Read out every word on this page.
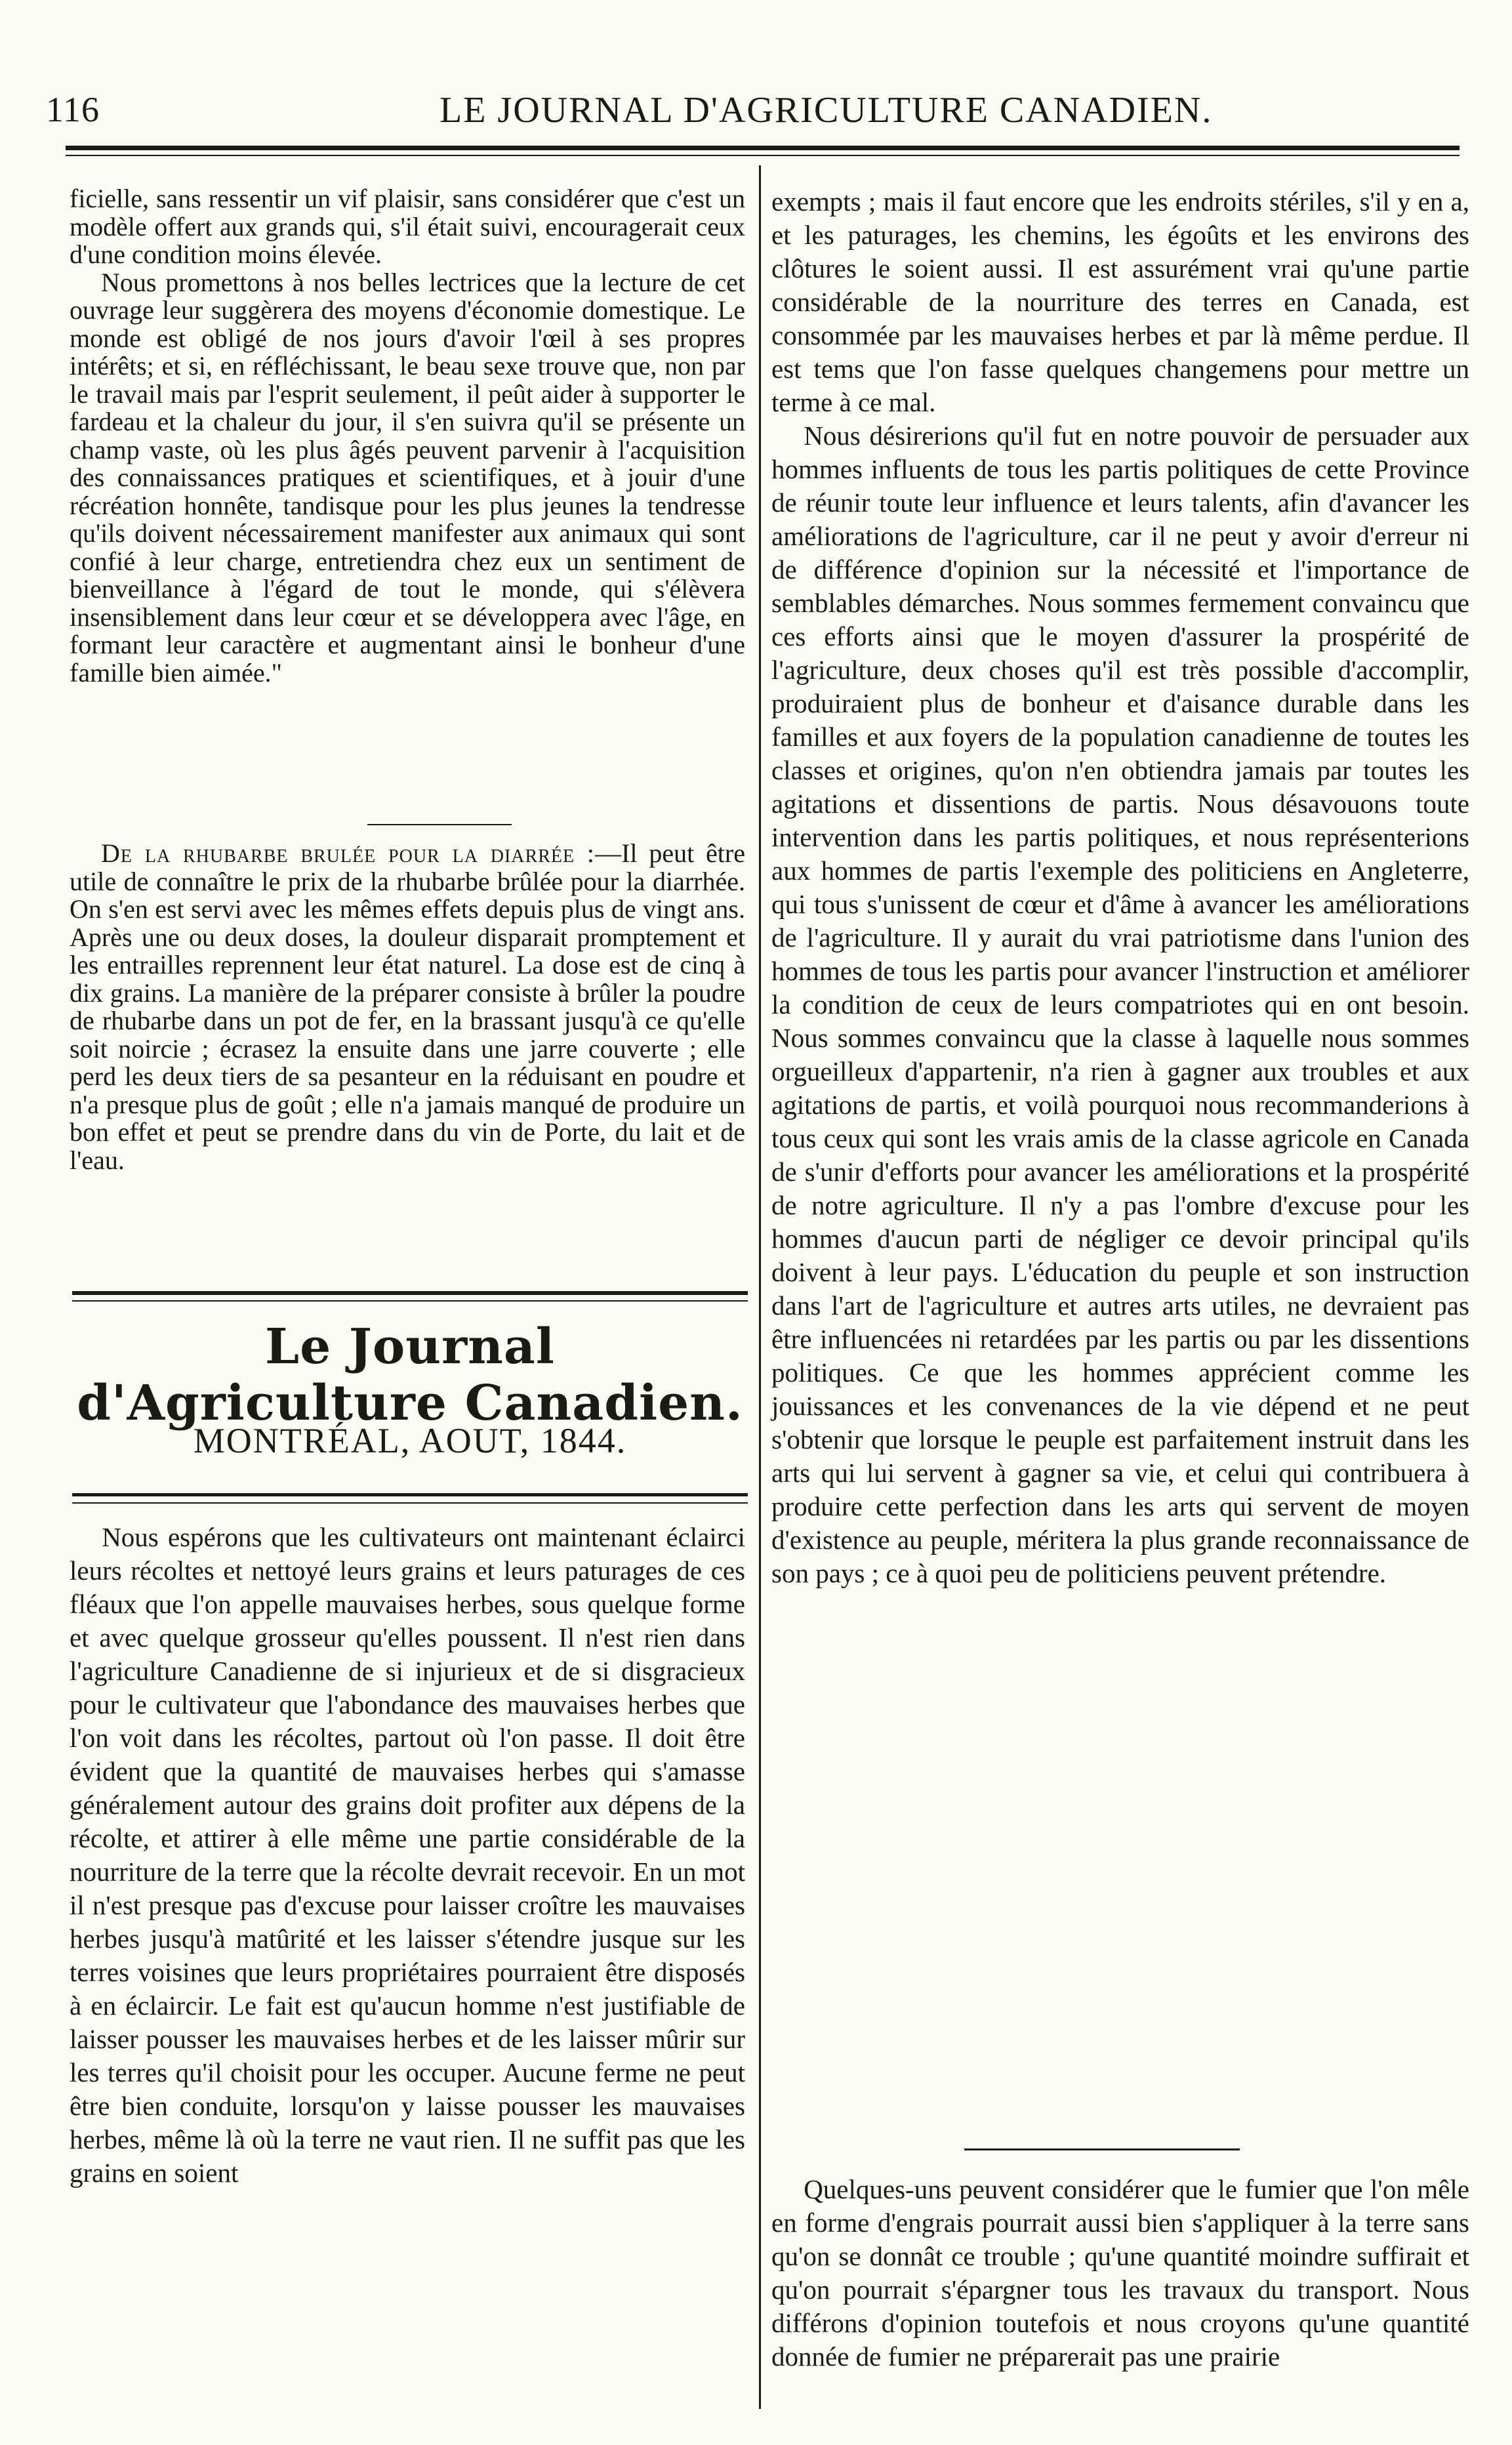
116	LE JOURNAL D'AGRICULTURE CANADIEN.

ficielle, sans ressentir un vif plaisir, sans considérer que c'est un modèle offert aux grands qui, s'il était suivi, encouragerait ceux d'une condition moins élevée.

Nous promettons à nos belles lectrices que la lecture de cet ouvrage leur suggèrera des moyens d'économie domestique. Le monde est obligé de nos jours d'avoir l'œil à ses propres intérêts; et si, en réfléchissant, le beau sexe trouve que, non par le travail mais par l'esprit seulement, il peût aider à supporter le fardeau et la chaleur du jour, il s'en suivra qu'il se présente un champ vaste, où les plus âgés peuvent parvenir à l'acquisition des connaissances pratiques et scientifiques, et à jouir d'une récréation honnête, tandisque pour les plus jeunes la tendresse qu'ils doivent nécessairement manifester aux animaux qui sont confié à leur charge, entretiendra chez eux un sentiment de bienveillance à l'égard de tout le monde, qui s'élèvera insensiblement dans leur cœur et se développera avec l'âge, en formant leur caractère et augmentant ainsi le bonheur d'une famille bien aimée."

De la rhubarbe brulée pour la diarrée :—Il peut être utile de connaître le prix de la rhubarbe brûlée pour la diarrhée. On s'en est servi avec les mêmes effets depuis plus de vingt ans. Après une ou deux doses, la douleur disparait promptement et les entrailles reprennent leur état naturel. La dose est de cinq à dix grains. La manière de la préparer consiste à brûler la poudre de rhubarbe dans un pot de fer, en la brassant jusqu'à ce qu'elle soit noircie ; écrasez la ensuite dans une jarre couverte ; elle perd les deux tiers de sa pesanteur en la réduisant en poudre et n'a presque plus de goût ; elle n'a jamais manqué de produire un bon effet et peut se prendre dans du vin de Porte, du lait et de l'eau.

Le Journal d'Agriculture Canadien.
MONTRÉAL, AOUT, 1844.

Nous espérons que les cultivateurs ont maintenant éclairci leurs récoltes et nettoyé leurs grains et leurs paturages de ces fléaux que l'on appelle mauvaises herbes, sous quelque forme et avec quelque grosseur qu'elles poussent. Il n'est rien dans l'agriculture Canadienne de si injurieux et de si disgracieux pour le cultivateur que l'abondance des mauvaises herbes que l'on voit dans les récoltes, partout où l'on passe. Il doit être évident que la quantité de mauvaises herbes qui s'amasse généralement autour des grains doit profiter aux dépens de la récolte, et attirer à elle même une partie considérable de la nourriture de la terre que la récolte devrait recevoir. En un mot il n'est presque pas d'excuse pour laisser croître les mauvaises herbes jusqu'à matûrité et les laisser s'étendre jusque sur les terres voisines que leurs propriétaires pourraient être disposés à en éclaircir. Le fait est qu'aucun homme n'est justifiable de laisser pousser les mauvaises herbes et de les laisser mûrir sur les terres qu'il choisit pour les occuper. Aucune ferme ne peut être bien conduite, lorsqu'on y laisse pousser les mauvaises herbes, même là où la terre ne vaut rien. Il ne suffit pas que les grains en soient

exempts ; mais il faut encore que les endroits stériles, s'il y en a, et les paturages, les chemins, les égoûts et les environs des clôtures le soient aussi. Il est assurément vrai qu'une partie considérable de la nourriture des terres en Canada, est consommée par les mauvaises herbes et par là même perdue. Il est tems que l'on fasse quelques changemens pour mettre un terme à ce mal.

Nous désirerions qu'il fut en notre pouvoir de persuader aux hommes influents de tous les partis politiques de cette Province de réunir toute leur influence et leurs talents, afin d'avancer les améliorations de l'agriculture, car il ne peut y avoir d'erreur ni de différence d'opinion sur la nécessité et l'importance de semblables démarches. Nous sommes fermement convaincu que ces efforts ainsi que le moyen d'assurer la prospérité de l'agriculture, deux choses qu'il est très possible d'accomplir, produiraient plus de bonheur et d'aisance durable dans les familles et aux foyers de la population canadienne de toutes les classes et origines, qu'on n'en obtiendra jamais par toutes les agitations et dissentions de partis. Nous désavouons toute intervention dans les partis politiques, et nous représenterions aux hommes de partis l'exemple des politiciens en Angleterre, qui tous s'unissent de cœur et d'âme à avancer les améliorations de l'agriculture. Il y aurait du vrai patriotisme dans l'union des hommes de tous les partis pour avancer l'instruction et améliorer la condition de ceux de leurs compatriotes qui en ont besoin. Nous sommes convaincu que la classe à laquelle nous sommes orgueilleux d'appartenir, n'a rien à gagner aux troubles et aux agitations de partis, et voilà pourquoi nous recommanderions à tous ceux qui sont les vrais amis de la classe agricole en Canada de s'unir d'efforts pour avancer les améliorations et la prospérité de notre agriculture. Il n'y a pas l'ombre d'excuse pour les hommes d'aucun parti de négliger ce devoir principal qu'ils doivent à leur pays. L'éducation du peuple et son instruction dans l'art de l'agriculture et autres arts utiles, ne devraient pas être influencées ni retardées par les partis ou par les dissentions politiques. Ce que les hommes apprécient comme les jouissances et les convenances de la vie dépend et ne peut s'obtenir que lorsque le peuple est parfaitement instruit dans les arts qui lui servent à gagner sa vie, et celui qui contribuera à produire cette perfection dans les arts qui servent de moyen d'existence au peuple, méritera la plus grande reconnaissance de son pays ; ce à quoi peu de politiciens peuvent prétendre.

Quelques-uns peuvent considérer que le fumier que l'on mêle en forme d'engrais pourrait aussi bien s'appliquer à la terre sans qu'on se donnât ce trouble ; qu'une quantité moindre suffirait et qu'on pourrait s'épargner tous les travaux du transport. Nous différons d'opinion toutefois et nous croyons qu'une quantité donnée de fumier ne préparerait pas une prairie
